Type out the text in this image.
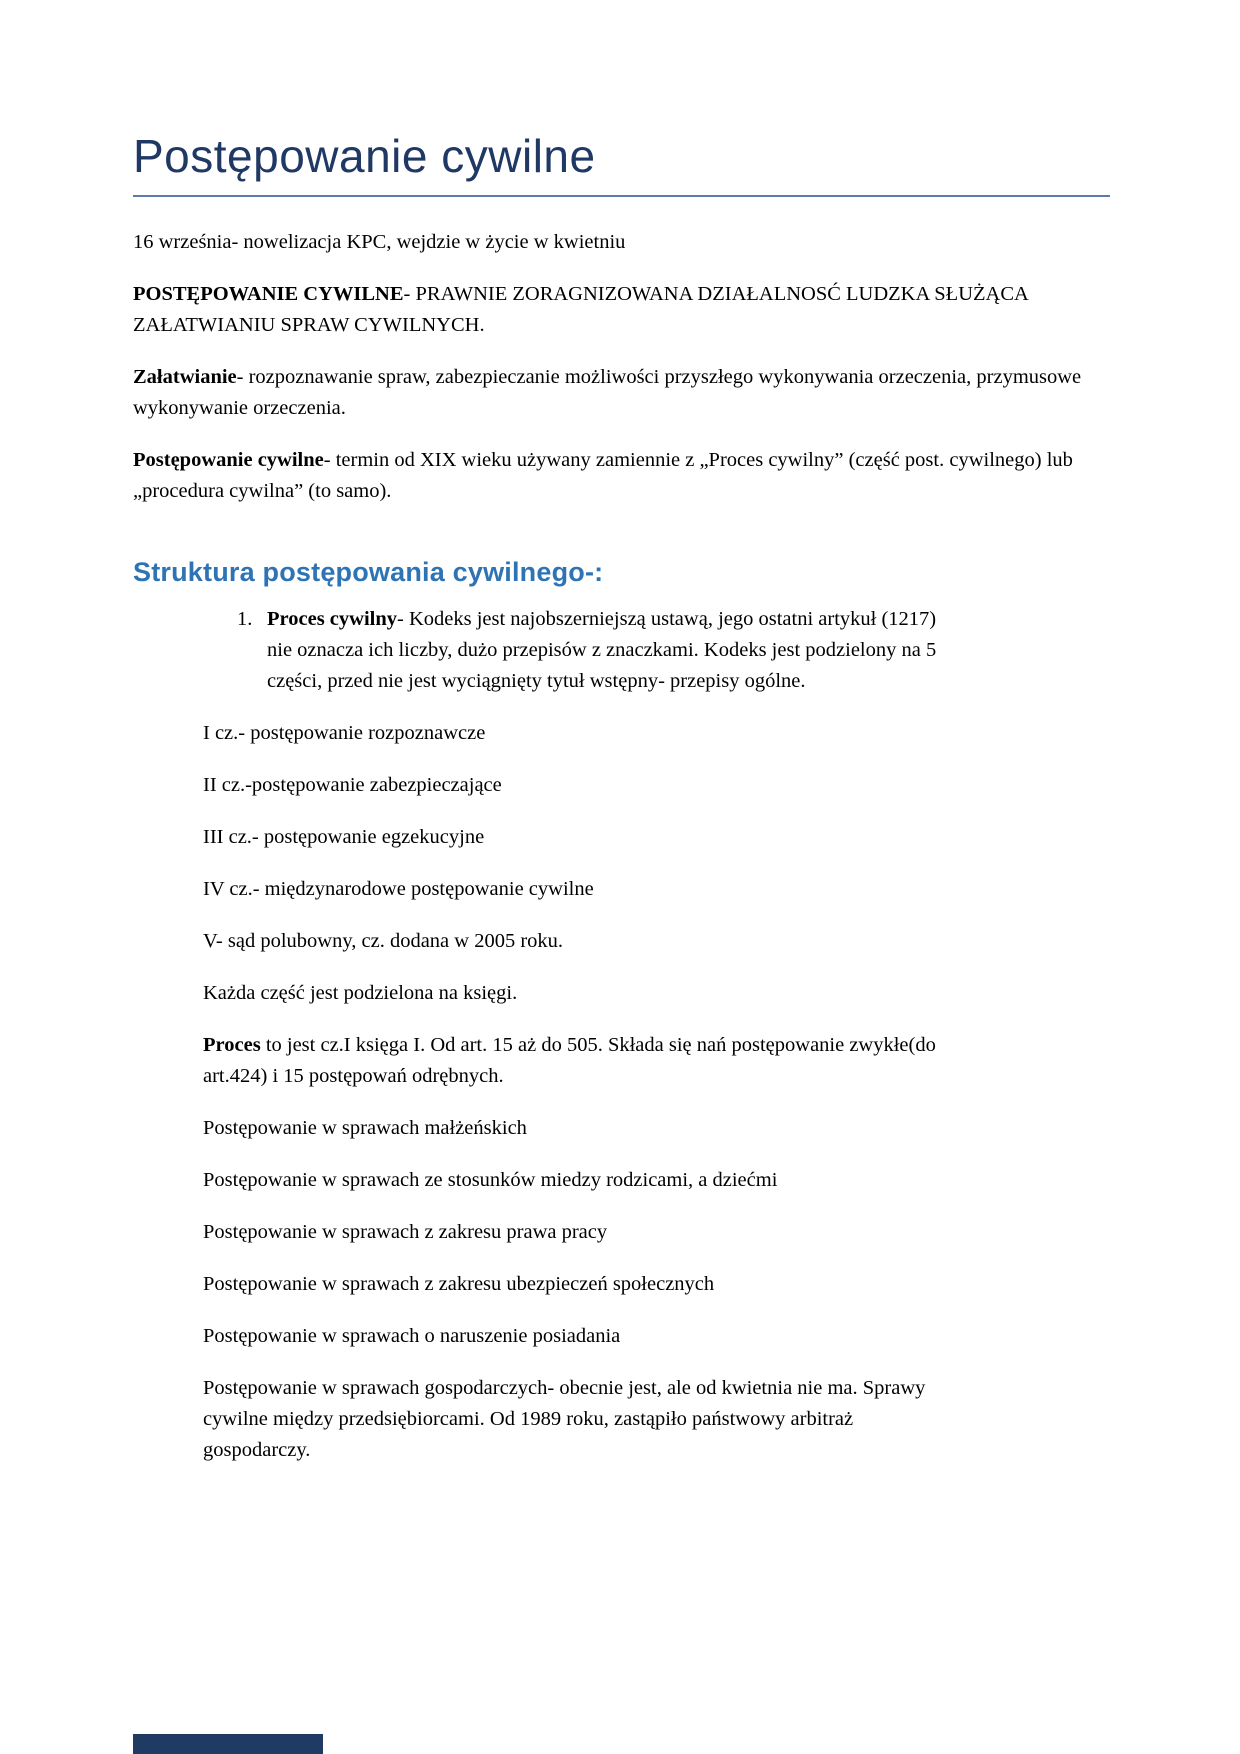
Postępowanie cywilne

16 września- nowelizacja KPC, wejdzie w życie w kwietniu

POSTĘPOWANIE CYWILNE- PRAWNIE ZORAGNIZOWANA DZIAŁALNOSĆ LUDZKA SŁUŻĄCA ZAŁATWIANIU SPRAW CYWILNYCH.

Załatwianie- rozpoznawanie spraw, zabezpieczanie możliwości przyszłego wykonywania orzeczenia, przymusowe wykonywanie orzeczenia.

Postępowanie cywilne- termin od XIX wieku używany zamiennie z „Proces cywilny” (część post. cywilnego) lub „procedura cywilna” (to samo).

Struktura postępowania cywilnego-:
1. Proces cywilny- Kodeks jest najobszerniejszą ustawą, jego ostatni artykuł (1217) nie oznacza ich liczby, dużo przepisów z znaczkami. Kodeks jest podzielony na 5 części, przed nie jest wyciągnięty tytuł wstępny- przepisy ogólne.

I cz.- postępowanie rozpoznawcze

II cz.-postępowanie zabezpieczające

III cz.- postępowanie egzekucyjne

IV cz.- międzynarodowe postępowanie cywilne

V- sąd polubowny, cz. dodana w 2005 roku.

Każda część jest podzielona na księgi.

Proces to jest cz.I księga I. Od art. 15 aż do 505. Składa się nań postępowanie zwykłe(do art.424) i 15 postępowań odrębnych.

Postępowanie w sprawach małżeńskich

Postępowanie w sprawach ze stosunków miedzy rodzicami, a dziećmi

Postępowanie w sprawach z zakresu prawa pracy

Postępowanie w sprawach z zakresu ubezpieczeń społecznych

Postępowanie w sprawach o naruszenie posiadania

Postępowanie w sprawach gospodarczych- obecnie jest, ale od kwietnia nie ma. Sprawy cywilne między przedsiębiorcami. Od 1989 roku, zastąpiło państwowy arbitraż gospodarczy.
